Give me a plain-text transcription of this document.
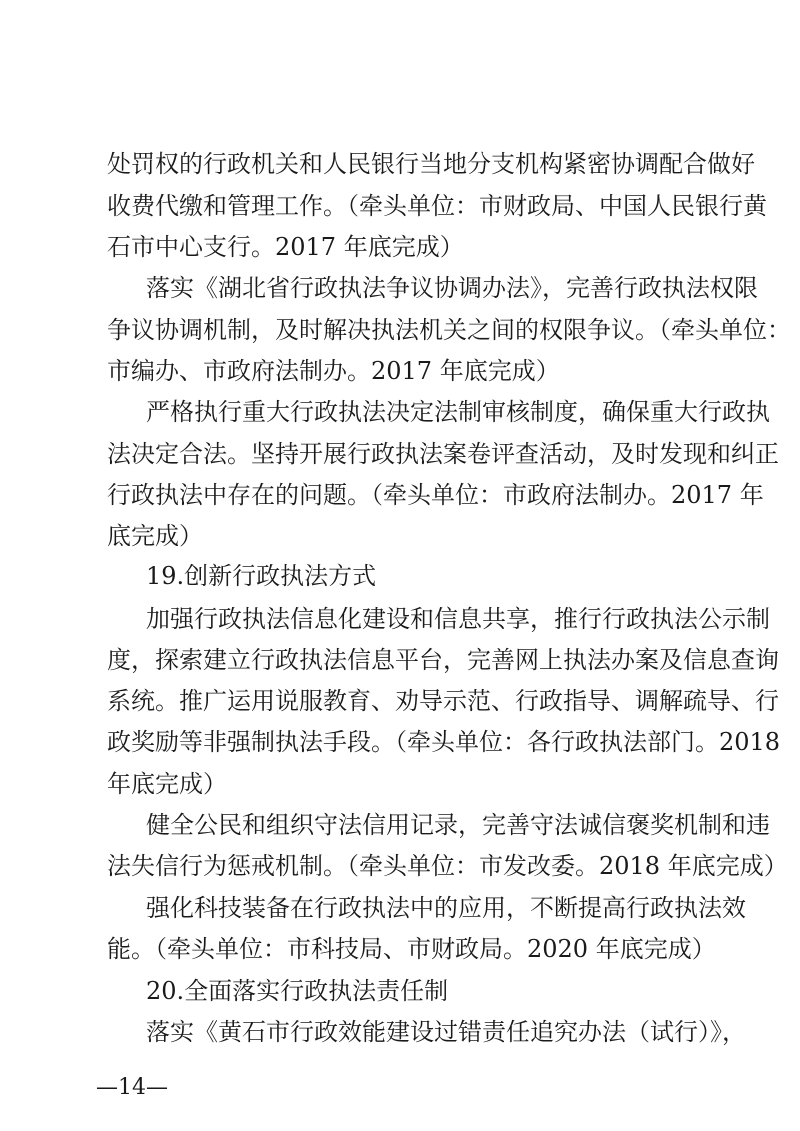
处罚权的行政机关和人民银行当地分支机构紧密协调配合做好
收费代缴和管理工作。（牵头单位：市财政局、中国人民银行黄
石市中心支行。2017 年底完成）
落实《湖北省行政执法争议协调办法》，完善行政执法权限
争议协调机制，及时解决执法机关之间的权限争议。（牵头单位：
市编办、市政府法制办。2017 年底完成）
严格执行重大行政执法决定法制审核制度，确保重大行政执
法决定合法。坚持开展行政执法案卷评查活动，及时发现和纠正
行政执法中存在的问题。（牵头单位：市政府法制办。2017 年
底完成）
19.创新行政执法方式
加强行政执法信息化建设和信息共享，推行行政执法公示制
度，探索建立行政执法信息平台，完善网上执法办案及信息查询
系统。推广运用说服教育、劝导示范、行政指导、调解疏导、行
政奖励等非强制执法手段。（牵头单位：各行政执法部门。2018
年底完成）
健全公民和组织守法信用记录，完善守法诚信褒奖机制和违
法失信行为惩戒机制。（牵头单位：市发改委。2018 年底完成）
强化科技装备在行政执法中的应用，不断提高行政执法效
能。（牵头单位：市科技局、市财政局。2020 年底完成）
20.全面落实行政执法责任制
落实《黄石市行政效能建设过错责任追究办法（试行）》，
—14—
